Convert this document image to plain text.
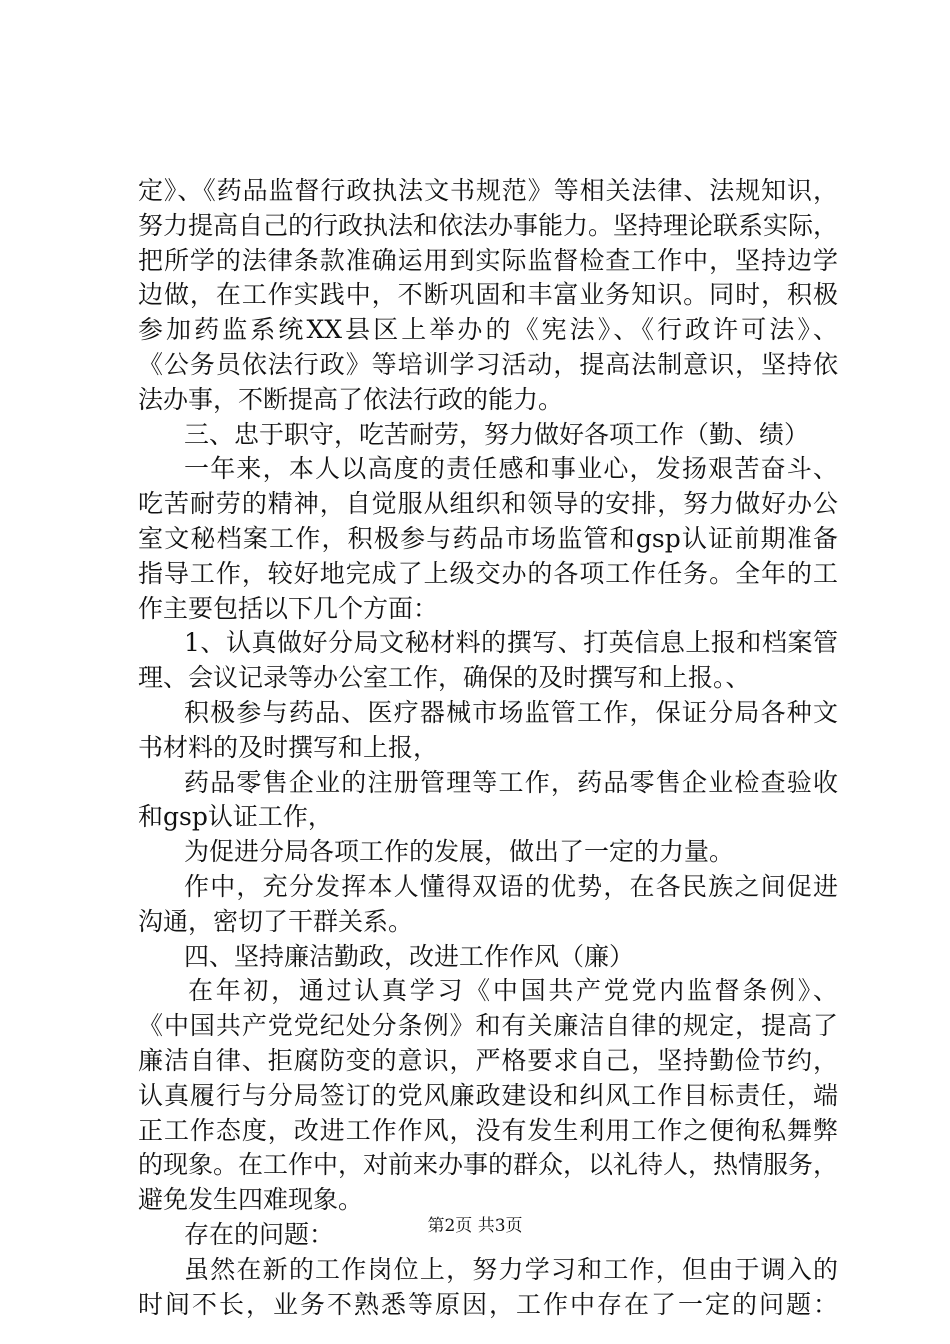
定》、《药品监督行政执法文书规范》等相关法律、法规知识，
努力提高自己的行政执法和依法办事能力。坚持理论联系实际，
把所学的法律条款准确运用到实际监督检查工作中，坚持边学
边做，在工作实践中，不断巩固和丰富业务知识。同时，积极
参加药监系统XX县区上举办的《宪法》、《行政许可法》、
《公务员依法行政》等培训学习活动，提高法制意识，坚持依
法办事，不断提高了依法行政的能力。
三、忠于职守，吃苦耐劳，努力做好各项工作（勤、绩）
一年来，本人以高度的责任感和事业心，发扬艰苦奋斗、
吃苦耐劳的精神，自觉服从组织和领导的安排，努力做好办公
室文秘档案工作，积极参与药品市场监管和gsp认证前期准备
指导工作，较好地完成了上级交办的各项工作任务。全年的工
作主要包括以下几个方面：
1、认真做好分局文秘材料的撰写、打英信息上报和档案管
理、会议记录等办公室工作，确保的及时撰写和上报。、
积极参与药品、医疗器械市场监管工作，保证分局各种文
书材料的及时撰写和上报，
药品零售企业的注册管理等工作，药品零售企业检查验收
和gsp认证工作，
为促进分局各项工作的发展，做出了一定的力量。
作中，充分发挥本人懂得双语的优势，在各民族之间促进
沟通，密切了干群关系。
四、坚持廉洁勤政，改进工作作风（廉）
在年初，通过认真学习《中国共产党党内监督条例》、
《中国共产党党纪处分条例》和有关廉洁自律的规定，提高了
廉洁自律、拒腐防变的意识，严格要求自己，坚持勤俭节约，
认真履行与分局签订的党风廉政建设和纠风工作目标责任，端
正工作态度，改进工作作风，没有发生利用工作之便徇私舞弊
的现象。在工作中，对前来办事的群众，以礼待人，热情服务，
避免发生四难现象。
存在的问题：
虽然在新的工作岗位上，努力学习和工作，但由于调入的
时间不长，业务不熟悉等原因，工作中存在了一定的问题：
第2页 共3页
